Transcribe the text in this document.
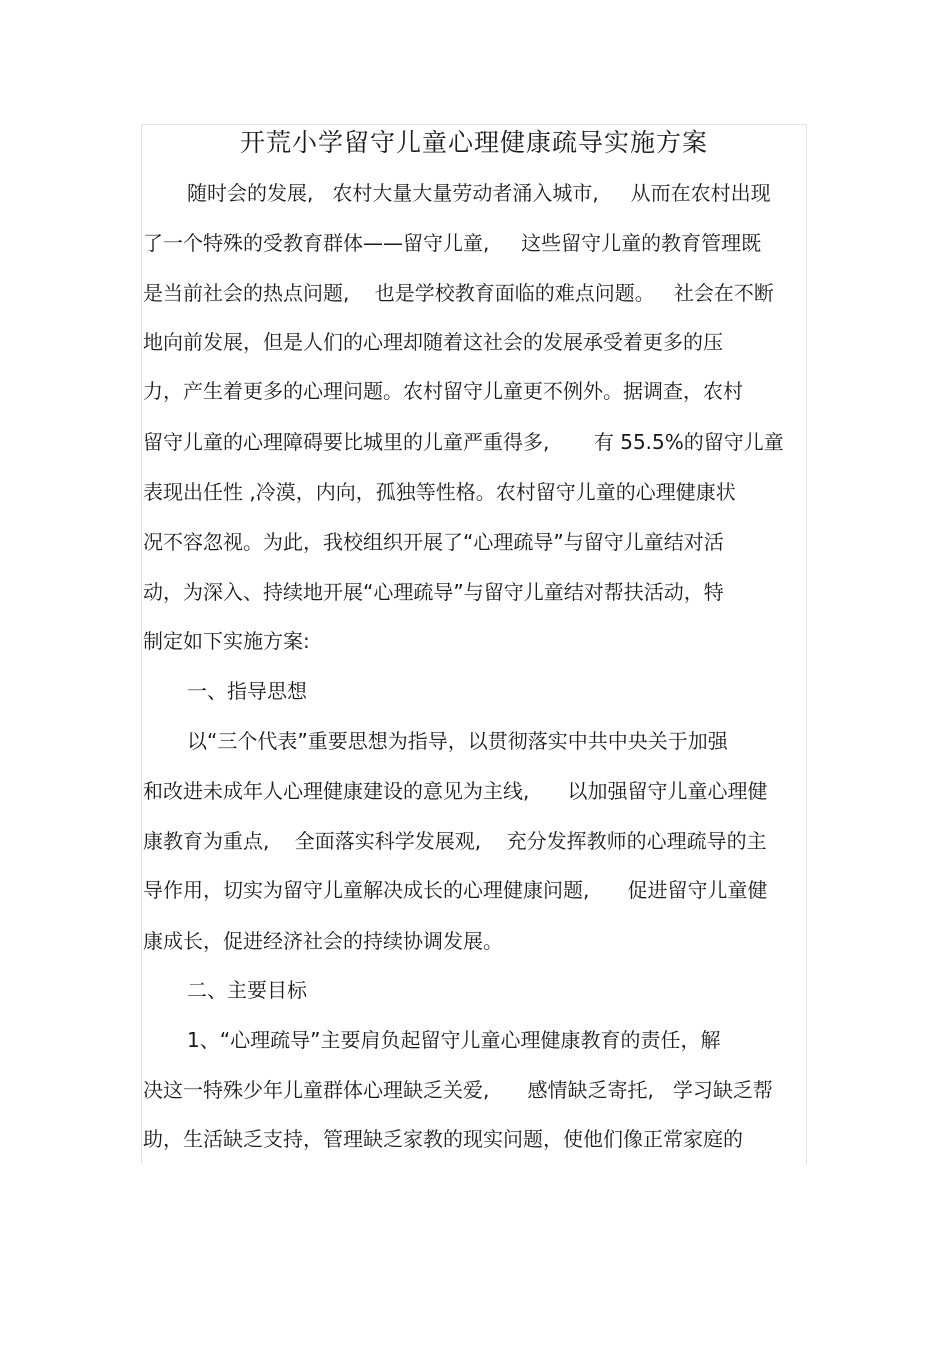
开荒小学留守儿童心理健康疏导实施方案
随时会的发展,   农村大量大量劳动者涌入城市,     从而在农村出现
了一个特殊的受教育群体——留守儿童,     这些留守儿童的教育管理既
是当前社会的热点问题,    也是学校教育面临的难点问题。   社会在不断
地向前发展，但是人们的心理却随着这社会的发展承受着更多的压
力，产生着更多的心理问题。农村留守儿童更不例外。据调查，农村
留守儿童的心理障碍要比城里的儿童严重得多,       有 55.5%的留守儿童
表现出任性 ,冷漠，内向，孤独等性格。农村留守儿童的心理健康状
况不容忽视。为此，我校组织开展了“心理疏导”与留守儿童结对活
动，为深入、持续地开展“心理疏导”与留守儿童结对帮扶活动，特
制定如下实施方案:
一、指导思想
以“三个代表”重要思想为指导，以贯彻落实中共中央关于加强
和改进未成年人心理健康建设的意见为主线,      以加强留守儿童心理健
康教育为重点,    全面落实科学发展观,    充分发挥教师的心理疏导的主
导作用，切实为留守儿童解决成长的心理健康问题,      促进留守儿童健
康成长，促进经济社会的持续协调发展。
二、主要目标
1、“心理疏导”主要肩负起留守儿童心理健康教育的责任，解
决这一特殊少年儿童群体心理缺乏关爱,      感情缺乏寄托,   学习缺乏帮
助，生活缺乏支持，管理缺乏家教的现实问题，使他们像正常家庭的
